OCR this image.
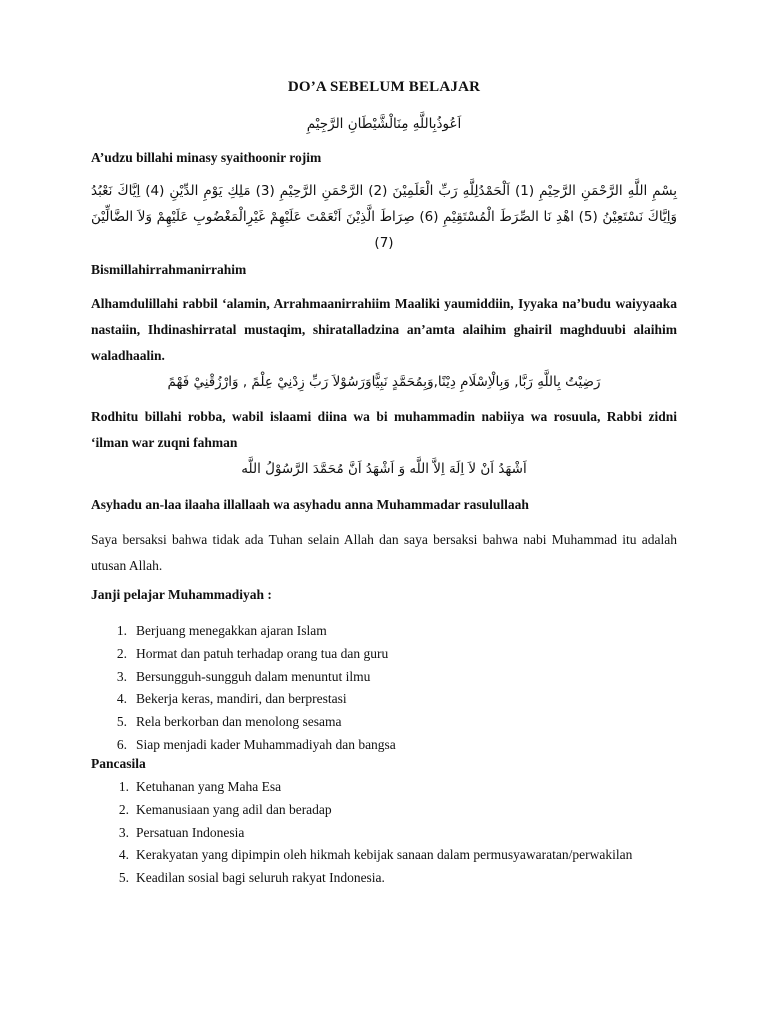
DO’A SEBELUM BELAJAR
اَعُوذُبِاللَّهِ مِنَالْشَّيْطَانِ الرَّجِيْمِ
A’udzu billahi minasy syaithoonir rojim
بِسْمِ اللَّهِ الرَّحْمَنِ الرَّحِيْمِ (1) اَلْحَمْدُلِلَّهِ رَبِّ الْعَلَمِيْنَ (2) الرَّحْمَنِ الرَّحِيْمِ (3) مَلِكِ يَوْمِ الدِّيْنِ (4) اِيَّاكَ نَعْبُدُ وَاِيَّاكَ نَسْتَعِيْنُ (5) اهْدِ نَا الصِّرَطَ الْمُسْتَقِيْمِ (6) صِرَاطَ الَّذِيْنَ اَنْعَمْتَ عَلَيْهِمْ غَيْرِالْمَغْضُوبِ عَلَيْهِمْ وَلاَ الضَّالِّيْنَ (7)
Bismillahirrahmanirrahim
Alhamdulillahi rabbil ‘alamin, Arrahmaanirrahiim Maaliki yaumiddiin, Iyyaka na’budu waiyyaaka nastaiin, Ihdinashirratal mustaqim, shiratalladzina an’amta alaihim ghairil maghduubi alaihim waladhaalin.
رَضِيْتُ بِاللَّهِ رَبَّا, وَبِالْاِسْلَامِ دِيْنًا,وَبِمُحَمَّدٍ نَبِيًّاوَرَسُوْلاَ رَبِّ زِدْنِيْ عِلْمً , وَارْزُقْنِيْ فَهْمً
Rodhitu billahi robba, wabil islaami diina wa bi muhammadin nabiiya wa rosuula, Rabbi zidni ‘ilman war zuqni fahman
اَشْهَدُ اَنْ لاَ اِلَهَ اِلاَّ اللَّه وَ اَشْهَدُ اَنَّ مُحَمَّدَ الرَّسُوْلُ اللَّه
Asyhadu an-laa ilaaha illallaah wa asyhadu anna Muhammadar rasulullaah
Saya bersaksi bahwa tidak ada Tuhan selain Allah dan saya bersaksi bahwa nabi Muhammad itu adalah utusan Allah.
Janji pelajar Muhammadiyah :
1. Berjuang menegakkan ajaran Islam
2. Hormat dan patuh terhadap orang tua dan guru
3. Bersungguh-sungguh dalam menuntut ilmu
4. Bekerja keras, mandiri, dan berprestasi
5. Rela berkorban dan menolong sesama
6. Siap menjadi kader Muhammadiyah dan bangsa
Pancasila
1. Ketuhanan yang Maha Esa
2. Kemanusiaan yang adil dan beradap
3. Persatuan Indonesia
4. Kerakyatan yang dipimpin oleh hikmah kebijak sanaan dalam permusyawaratan/perwakilan
5. Keadilan sosial bagi seluruh rakyat Indonesia.
